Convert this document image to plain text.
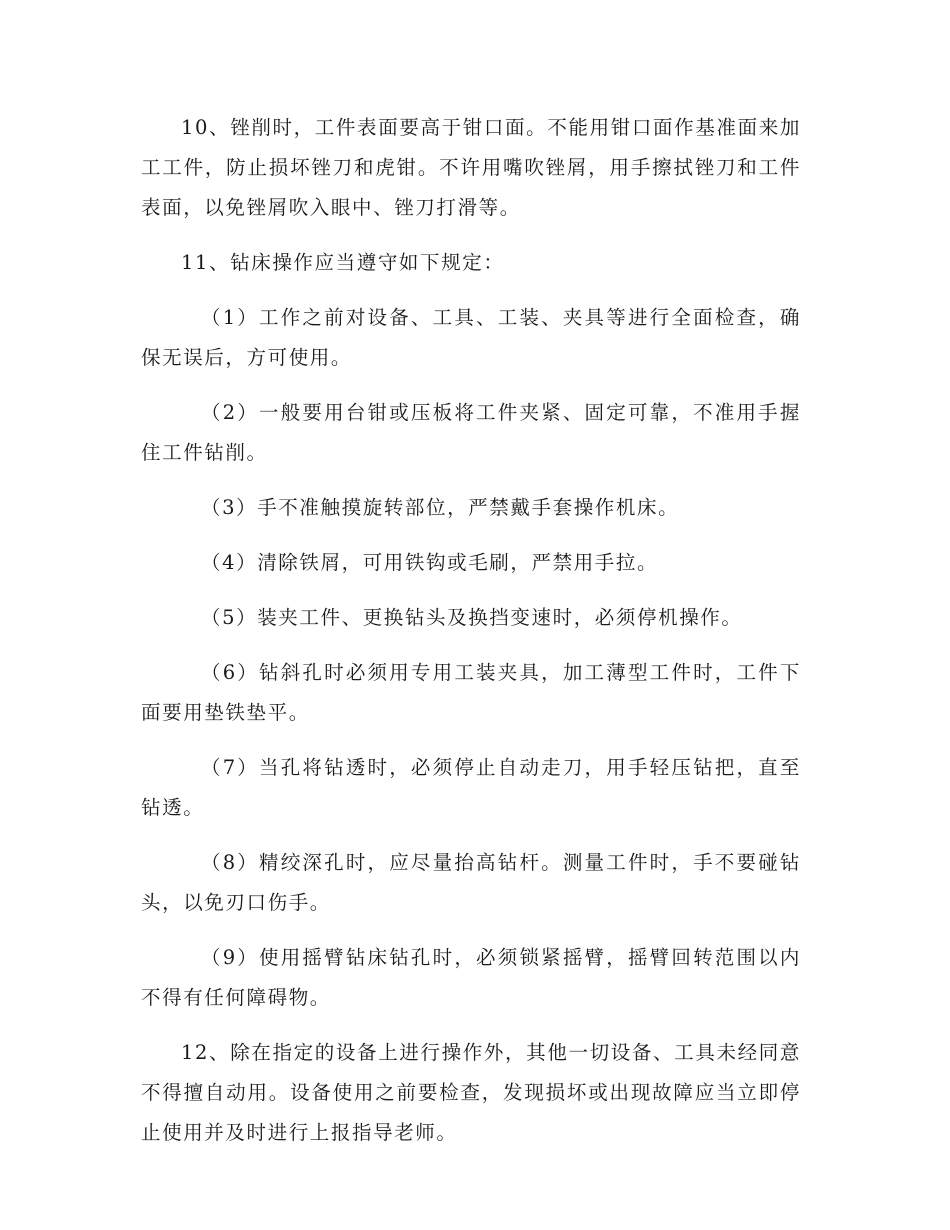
10、锉削时，工件表面要高于钳口面。不能用钳口面作基准面来加工工件，防止损坏锉刀和虎钳。不许用嘴吹锉屑，用手擦拭锉刀和工件表面，以免锉屑吹入眼中、锉刀打滑等。

11、钻床操作应当遵守如下规定：

（1）工作之前对设备、工具、工装、夹具等进行全面检查，确保无误后，方可使用。

（2）一般要用台钳或压板将工件夹紧、固定可靠，不准用手握住工件钻削。

（3）手不准触摸旋转部位，严禁戴手套操作机床。

（4）清除铁屑，可用铁钩或毛刷，严禁用手拉。

（5）装夹工件、更换钻头及换挡变速时，必须停机操作。

（6）钻斜孔时必须用专用工装夹具，加工薄型工件时，工件下面要用垫铁垫平。

（7）当孔将钻透时，必须停止自动走刀，用手轻压钻把，直至钻透。

（8）精绞深孔时，应尽量抬高钻杆。测量工件时，手不要碰钻头，以免刃口伤手。

（9）使用摇臂钻床钻孔时，必须锁紧摇臂，摇臂回转范围以内不得有任何障碍物。

12、除在指定的设备上进行操作外，其他一切设备、工具未经同意不得擅自动用。设备使用之前要检查，发现损坏或出现故障应当立即停止使用并及时进行上报指导老师。
